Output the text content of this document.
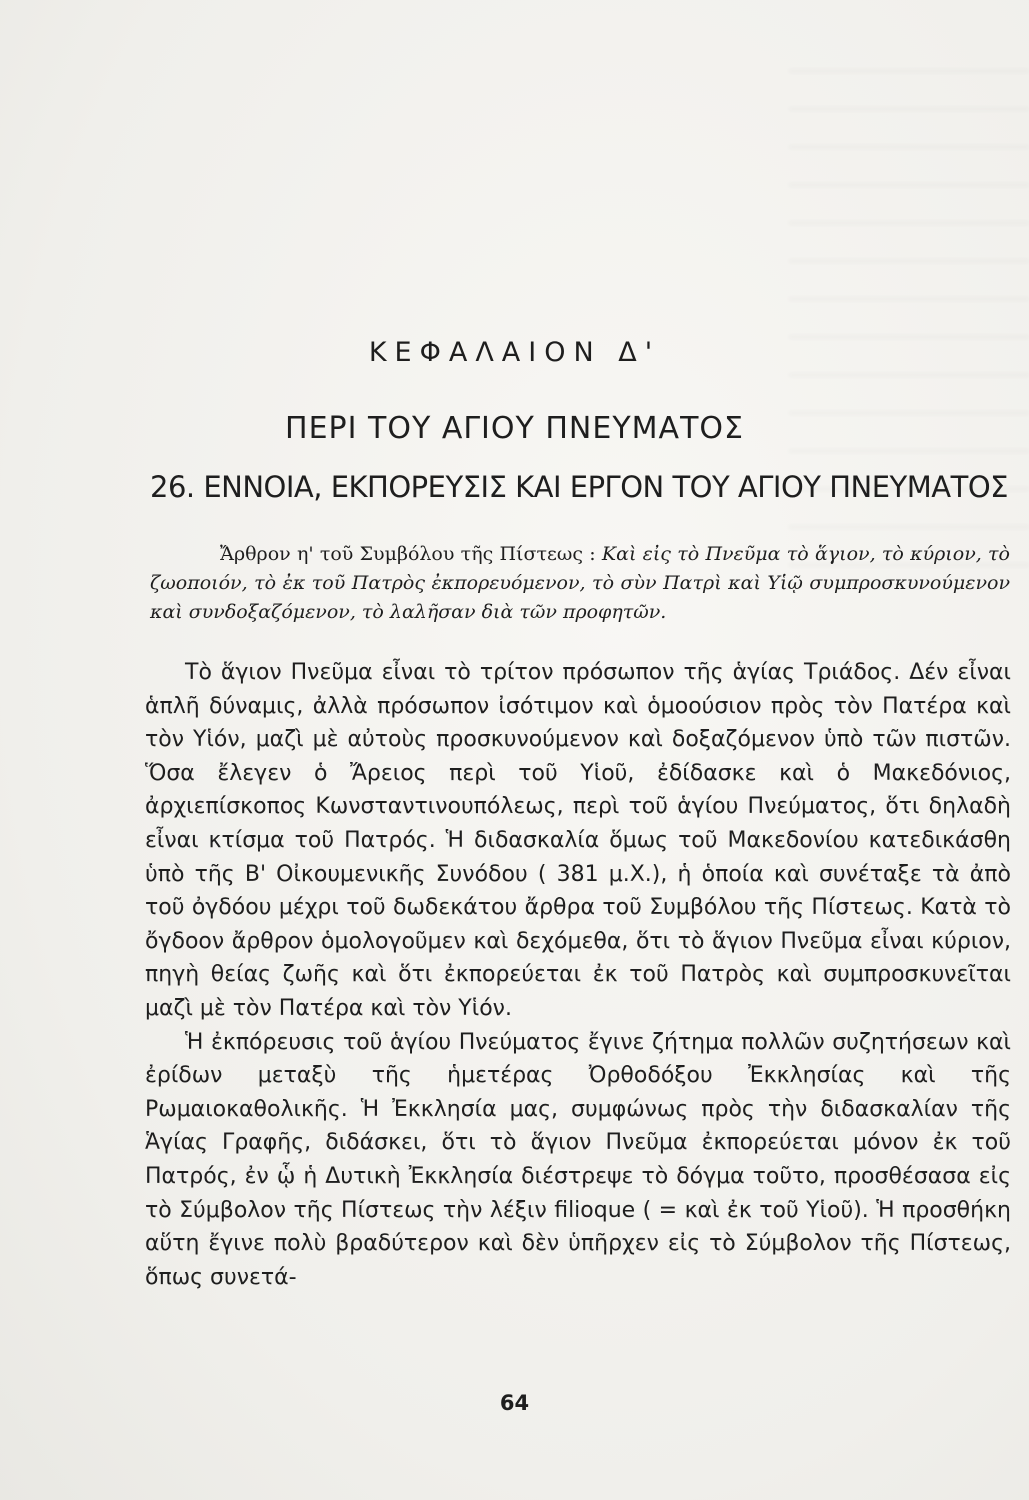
ΚΕΦΑΛΑΙΟΝ Δ'
ΠΕΡΙ ΤΟΥ ΑΓΙΟΥ ΠΝΕΥΜΑΤΟΣ
26. ΕΝΝΟΙΑ, ΕΚΠΟΡΕΥΣΙΣ ΚΑΙ ΕΡΓΟΝ ΤΟΥ ΑΓΙΟΥ ΠΝΕΥΜΑΤΟΣ
Ἄρθρον η' τοῦ Συμβόλου τῆς Πίστεως : Καὶ εἰς τὸ Πνεῦμα τὸ ἅγιον, τὸ κύριον, τὸ ζωοποιόν, τὸ ἐκ τοῦ Πατρὸς ἐκπορευόμενον, τὸ σὺν Πατρὶ καὶ Υἱῷ συμπροσκυνούμενον καὶ συνδοξαζόμενον, τὸ λαλῆσαν διὰ τῶν προφητῶν.

Τὸ ἅγιον Πνεῦμα εἶναι τὸ τρίτον πρόσωπον τῆς ἁγίας Τριάδος. Δέν εἶναι ἁπλῆ δύναμις, ἀλλὰ πρόσωπον ἰσότιμον καὶ ὁμοούσιον πρὸς τὸν Πατέρα καὶ τὸν Υἱόν, μαζὶ μὲ αὐτοὺς προσκυνούμενον καὶ δοξαζόμενον ὑπὸ τῶν πιστῶν. Ὅσα ἔλεγεν ὁ Ἄρειος περὶ τοῦ Υἱοῦ, ἐδίδασκε καὶ ὁ Μακεδόνιος, ἀρχιεπίσκοπος Κωνσταντινουπόλεως, περὶ τοῦ ἁγίου Πνεύματος, ὅτι δηλαδὴ εἶναι κτίσμα τοῦ Πατρός. Ἡ διδασκαλία ὅμως τοῦ Μακεδονίου κατεδικάσθη ὑπὸ τῆς Β' Οἰκουμενικῆς Συνόδου ( 381 μ.Χ.), ἡ ὁποία καὶ συνέταξε τὰ ἀπὸ τοῦ ὀγδόου μέχρι τοῦ δωδεκάτου ἄρθρα τοῦ Συμβόλου τῆς Πίστεως. Κατὰ τὸ ὄγδοον ἄρθρον ὁμολογοῦμεν καὶ δεχόμεθα, ὅτι τὸ ἅγιον Πνεῦμα εἶναι κύριον, πηγὴ θείας ζωῆς καὶ ὅτι ἐκπορεύεται ἐκ τοῦ Πατρὸς καὶ συμπροσκυνεῖται μαζὶ μὲ τὸν Πατέρα καὶ τὸν Υἱόν.

Ἡ ἐκπόρευσις τοῦ ἁγίου Πνεύματος ἔγινε ζήτημα πολλῶν συζητήσεων καὶ ἐρίδων μεταξὺ τῆς ἡμετέρας Ὀρθοδόξου Ἐκκλησίας καὶ τῆς Ρωμαιοκαθολικῆς. Ἡ Ἐκκλησία μας, συμφώνως πρὸς τὴν διδασκαλίαν τῆς Ἁγίας Γραφῆς, διδάσκει, ὅτι τὸ ἅγιον Πνεῦμα ἐκπορεύεται μόνον ἐκ τοῦ Πατρός, ἐν ᾧ ἡ Δυτικὴ Ἐκκλησία διέστρεψε τὸ δόγμα τοῦτο, προσθέσασα εἰς τὸ Σύμβολον τῆς Πίστεως τὴν λέξιν filioque ( = καὶ ἐκ τοῦ Υἱοῦ). Ἡ προσθήκη αὕτη ἔγινε πολὺ βραδύτερον καὶ δὲν ὑπῆρχεν εἰς τὸ Σύμβολον τῆς Πίστεως, ὅπως συνετά-

64
